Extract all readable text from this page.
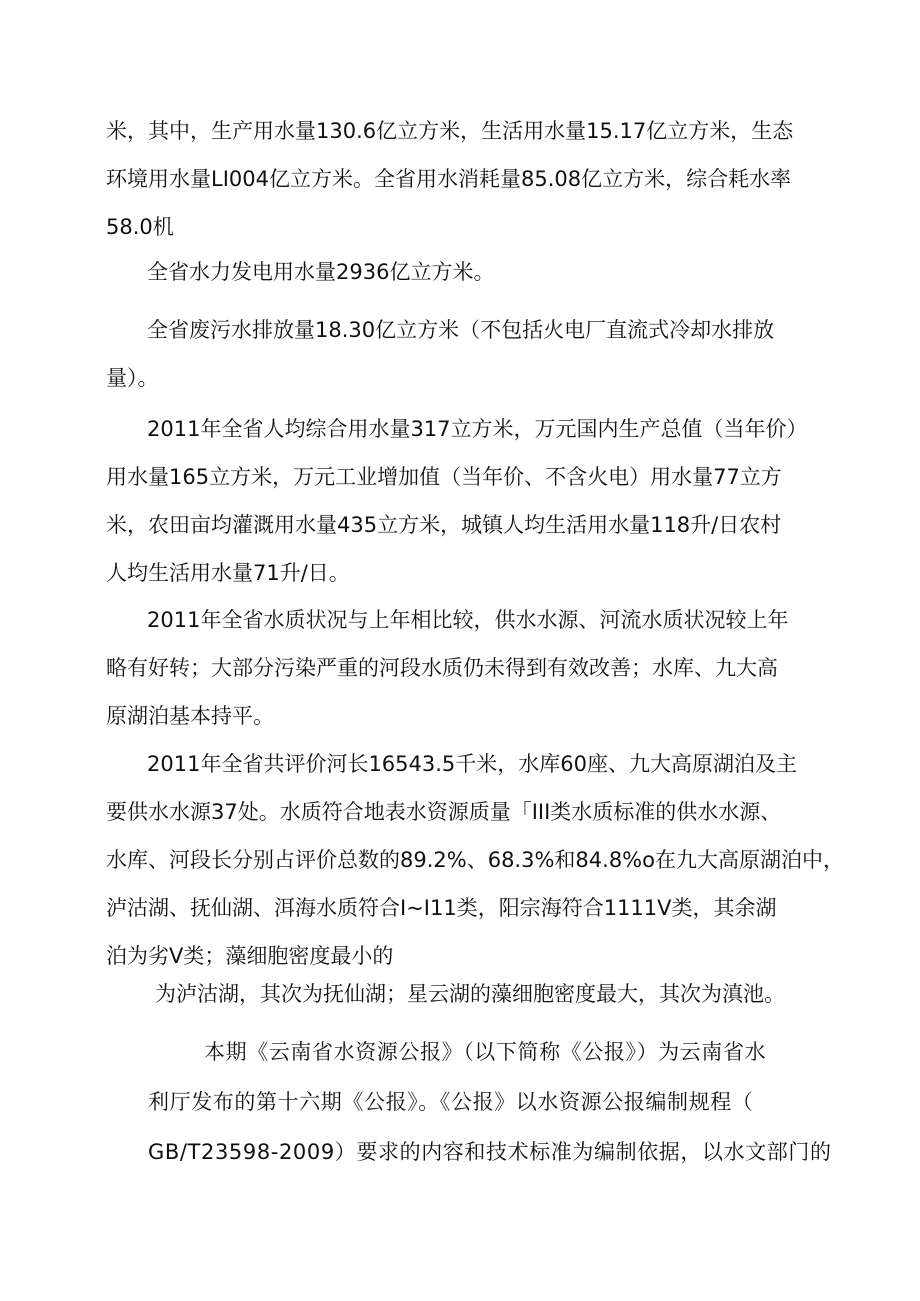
米，其中，生产用水量130.6亿立方米，生活用水量15.17亿立方米，生态
环境用水量LI004亿立方米。全省用水消耗量85.08亿立方米，综合耗水率
58.0机

全省水力发电用水量2936亿立方米。

全省废污水排放量18.30亿立方米（不包括火电厂直流式冷却水排放
量）。

2011年全省人均综合用水量317立方米，万元国内生产总值（当年价）
用水量165立方米，万元工业增加值（当年价、不含火电）用水量77立方
米，农田亩均灌溉用水量435立方米，城镇人均生活用水量118升/日农村
人均生活用水量71升/日。

2011年全省水质状况与上年相比较，供水水源、河流水质状况较上年
略有好转；大部分污染严重的河段水质仍未得到有效改善；水库、九大高
原湖泊基本持平。

2011年全省共评价河长16543.5千米，水库60座、九大高原湖泊及主
要供水水源37处。水质符合地表水资源质量「III类水质标准的供水水源、
水库、河段长分别占评价总数的89.2%、68.3%和84.8%o在九大高原湖泊中，
泸沽湖、抚仙湖、洱海水质符合I~I11类，阳宗海符合1111V类，其余湖
泊为劣V类；藻细胞密度最小的

为泸沽湖，其次为抚仙湖；星云湖的藻细胞密度最大，其次为滇池。

本期《云南省水资源公报》（以下简称《公报》）为云南省水
利厅发布的第十六期《公报》。《公报》以水资源公报编制规程（
GB/T23598-2009）要求的内容和技术标准为编制依据，以水文部门的
